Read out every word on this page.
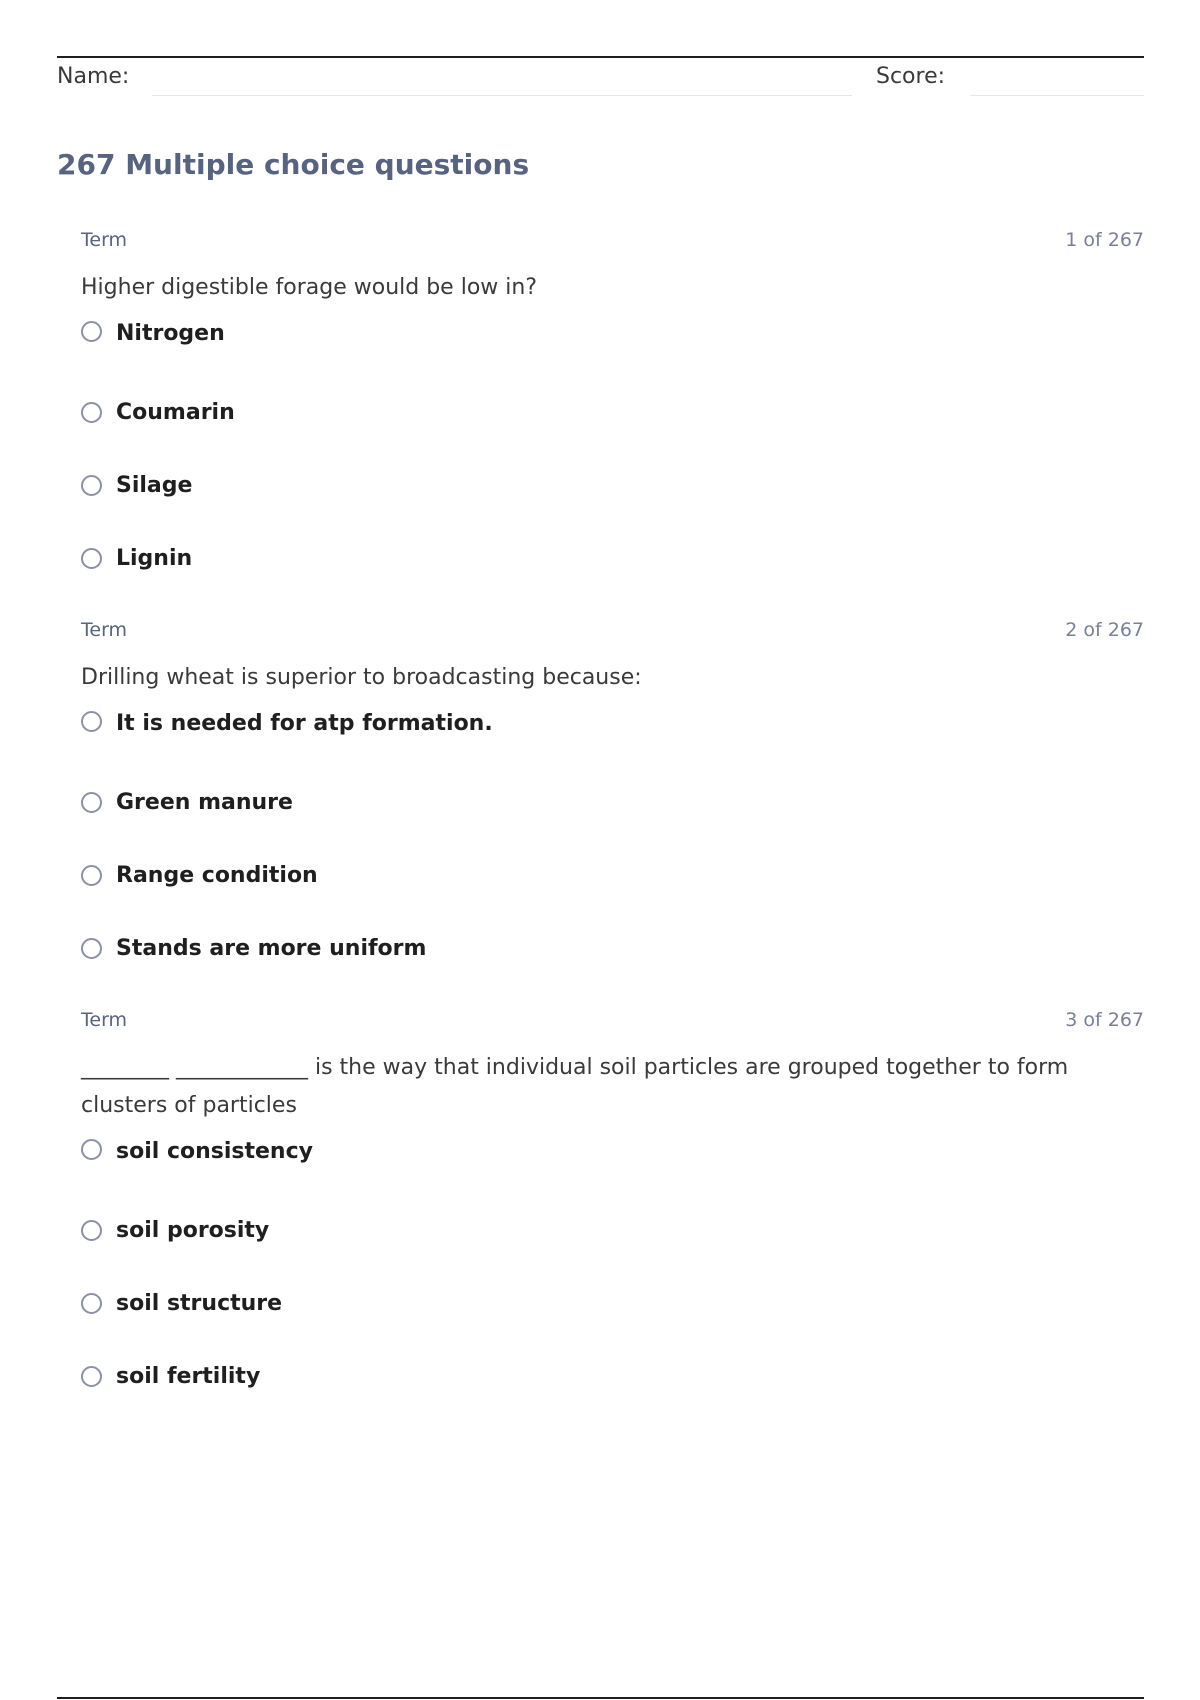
Name:	Score:
267 Multiple choice questions
Term	1 of 267
Higher digestible forage would be low in?
Nitrogen
Coumarin
Silage
Lignin
Term	2 of 267
Drilling wheat is superior to broadcasting because:
It is needed for atp formation.
Green manure
Range condition
Stands are more uniform
Term	3 of 267
________ ____________ is the way that individual soil particles are grouped together to form clusters of particles
soil consistency
soil porosity
soil structure
soil fertility
